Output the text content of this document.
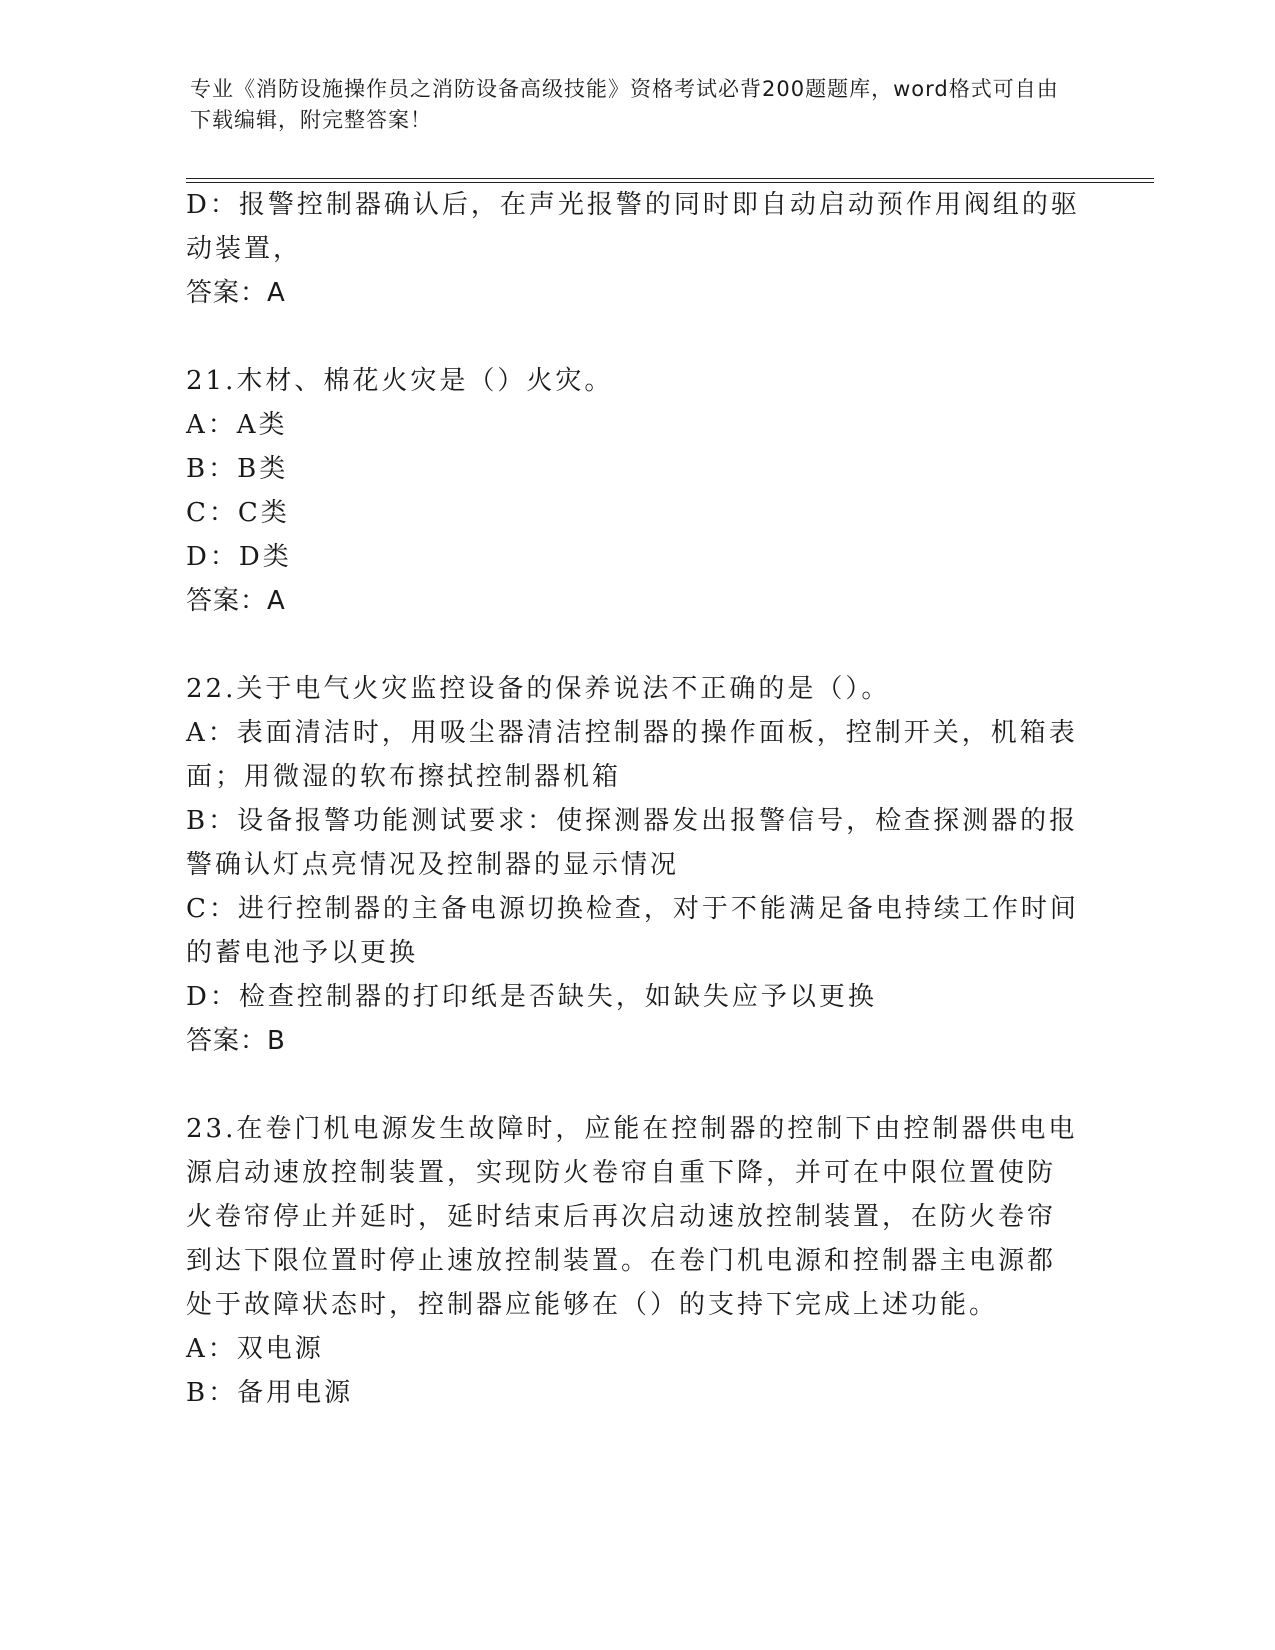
专业《消防设施操作员之消防设备高级技能》资格考试必背200题题库，word格式可自由下载编辑，附完整答案！
D：报警控制器确认后，在声光报警的同时即自动启动预作用阀组的驱
动装置，
答案：A
21.木材、棉花火灾是（）火灾。
A：A类
B：B类
C：C类
D：D类
答案：A
22.关于电气火灾监控设备的保养说法不正确的是（）。
A：表面清洁时，用吸尘器清洁控制器的操作面板，控制开关，机箱表
面；用微湿的软布擦拭控制器机箱
B：设备报警功能测试要求：使探测器发出报警信号，检查探测器的报
警确认灯点亮情况及控制器的显示情况
C：进行控制器的主备电源切换检查，对于不能满足备电持续工作时间
的蓄电池予以更换
D：检查控制器的打印纸是否缺失，如缺失应予以更换
答案：B
23.在卷门机电源发生故障时，应能在控制器的控制下由控制器供电电
源启动速放控制装置，实现防火卷帘自重下降，并可在中限位置使防
火卷帘停止并延时，延时结束后再次启动速放控制装置，在防火卷帘
到达下限位置时停止速放控制装置。在卷门机电源和控制器主电源都
处于故障状态时，控制器应能够在（）的支持下完成上述功能。
A：双电源
B：备用电源
